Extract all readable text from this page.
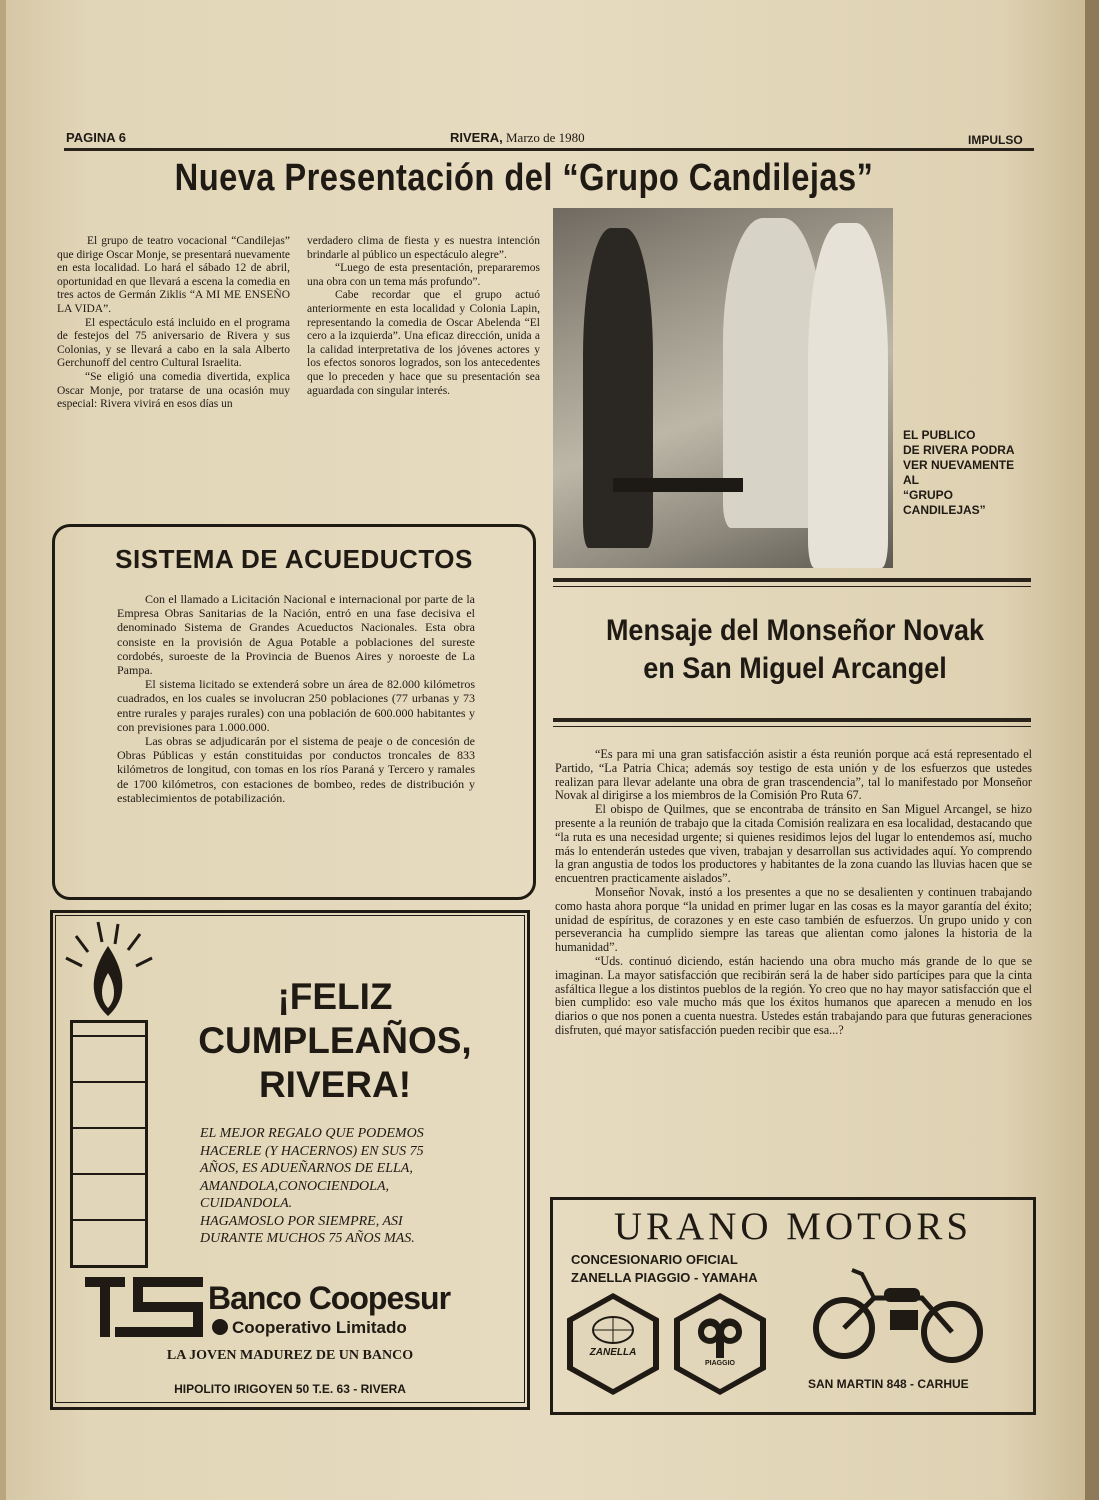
PAGINA 6	RIVERA, Marzo de 1980	IMPULSO
Nueva Presentación del “Grupo Candilejas”

El grupo de teatro vocacional “Candilejas” que dirige Oscar Monje, se presentará nuevamente en esta localidad. Lo hará el sábado 12 de abril, oportunidad en que llevará a escena la comedia en tres actos de Germán Ziklis “A MI ME ENSEÑO LA VIDA”.

El espectáculo está incluido en el programa de festejos del 75 aniversario de Rivera y sus Colonias, y se llevará a cabo en la sala Alberto Gerchunoff del centro Cultural Israelita.

“Se eligió una comedia divertida, explica Oscar Monje, por tratarse de una ocasión muy especial: Rivera vivirá en esos días un

verdadero clima de fiesta y es nuestra intención brindarle al público un espectáculo alegre”.

“Luego de esta presentación, prepararemos una obra con un tema más profundo”.

Cabe recordar que el grupo actuó anteriormente en esta localidad y Colonia Lapin, representando la comedia de Oscar Abelenda “El cero a la izquierda”. Una eficaz dirección, unida a la calidad interpretativa de los jóvenes actores y los efectos sonoros logrados, son los antecedentes que lo preceden y hace que su presentación sea aguardada con singular interés.

EL PUBLICO
DE RIVERA PODRA
VER NUEVAMENTE
AL
“GRUPO
CANDILEJAS”
SISTEMA DE ACUEDUCTOS

Con el llamado a Licitación Nacional e internacional por parte de la Empresa Obras Sanitarias de la Nación, entró en una fase decisiva el denominado Sistema de Grandes Acueductos Nacionales. Esta obra consiste en la provisión de Agua Potable a poblaciones del sureste cordobés, suroeste de la Provincia de Buenos Aires y noroeste de La Pampa.

El sistema licitado se extenderá sobre un área de 82.000 kilómetros cuadrados, en los cuales se involucran 250 poblaciones (77 urbanas y 73 entre rurales y parajes rurales) con una población de 600.000 habitantes y con previsiones para 1.000.000.

Las obras se adjudicarán por el sistema de peaje o de concesión de Obras Públicas y están constituidas por conductos troncales de 833 kilómetros de longitud, con tomas en los ríos Paraná y Tercero y ramales de 1700 kilómetros, con estaciones de bombeo, redes de distribución y establecimientos de potabilización.

¡FELIZ
CUMPLEAÑOS,
RIVERA!
EL MEJOR REGALO QUE PODEMOS
HACERLE (Y HACERNOS) EN SUS 75
AÑOS, ES ADUEÑARNOS DE ELLA,
AMANDOLA,CONOCIENDOLA,
CUIDANDOLA.
HAGAMOSLO POR SIEMPRE, ASI
DURANTE MUCHOS 75 AÑOS MAS.
Banco Coopesur
Cooperativo Limitado
LA JOVEN MADUREZ DE UN BANCO
HIPOLITO IRIGOYEN 50 T.E. 63 - RIVERA
Mensaje del Monseñor Novak
en San Miguel Arcangel

“Es para mi una gran satisfacción asistir a ésta reunión porque acá está representado el Partido, “La Patria Chica; además soy testigo de esta unión y de los esfuerzos que ustedes realizan para llevar adelante una obra de gran trascendencia”, tal lo manifestado por Monseñor Novak al dirigirse a los miembros de la Comisión Pro Ruta 67.

El obispo de Quilmes, que se encontraba de tránsito en San Miguel Arcangel, se hizo presente a la reunión de trabajo que la citada Comisión realizara en esa localidad, destacando que “la ruta es una necesidad urgente; si quienes residimos lejos del lugar lo entendemos así, mucho más lo entenderán ustedes que viven, trabajan y desarrollan sus actividades aquí. Yo comprendo la gran angustia de todos los productores y habitantes de la zona cuando las lluvias hacen que se encuentren practicamente aislados”.

Monseñor Novak, instó a los presentes a que no se desalienten y continuen trabajando como hasta ahora porque “la unidad en primer lugar en las cosas es la mayor garantía del éxito; unidad de espíritus, de corazones y en este caso también de esfuerzos. Un grupo unido y con perseverancia ha cumplido siempre las tareas que alientan como jalones la historia de la humanidad”.

“Uds. continuó diciendo, están haciendo una obra mucho más grande de lo que se imaginan. La mayor satisfacción que recibirán será la de haber sido partícipes para que la cinta asfáltica llegue a los distintos pueblos de la región. Yo creo que no hay mayor satisfacción que el bien cumplido: eso vale mucho más que los éxitos humanos que aparecen a menudo en los diarios o que nos ponen a cuenta nuestra. Ustedes están trabajando para que futuras generaciones disfruten, qué mayor satisfacción pueden recibir que esa...?

URANO MOTORS
CONCESIONARIO OFICIAL
ZANELLA PIAGGIO - YAMAHA
ZANELLA
PIAGGIO
SAN MARTIN 848 - CARHUE
